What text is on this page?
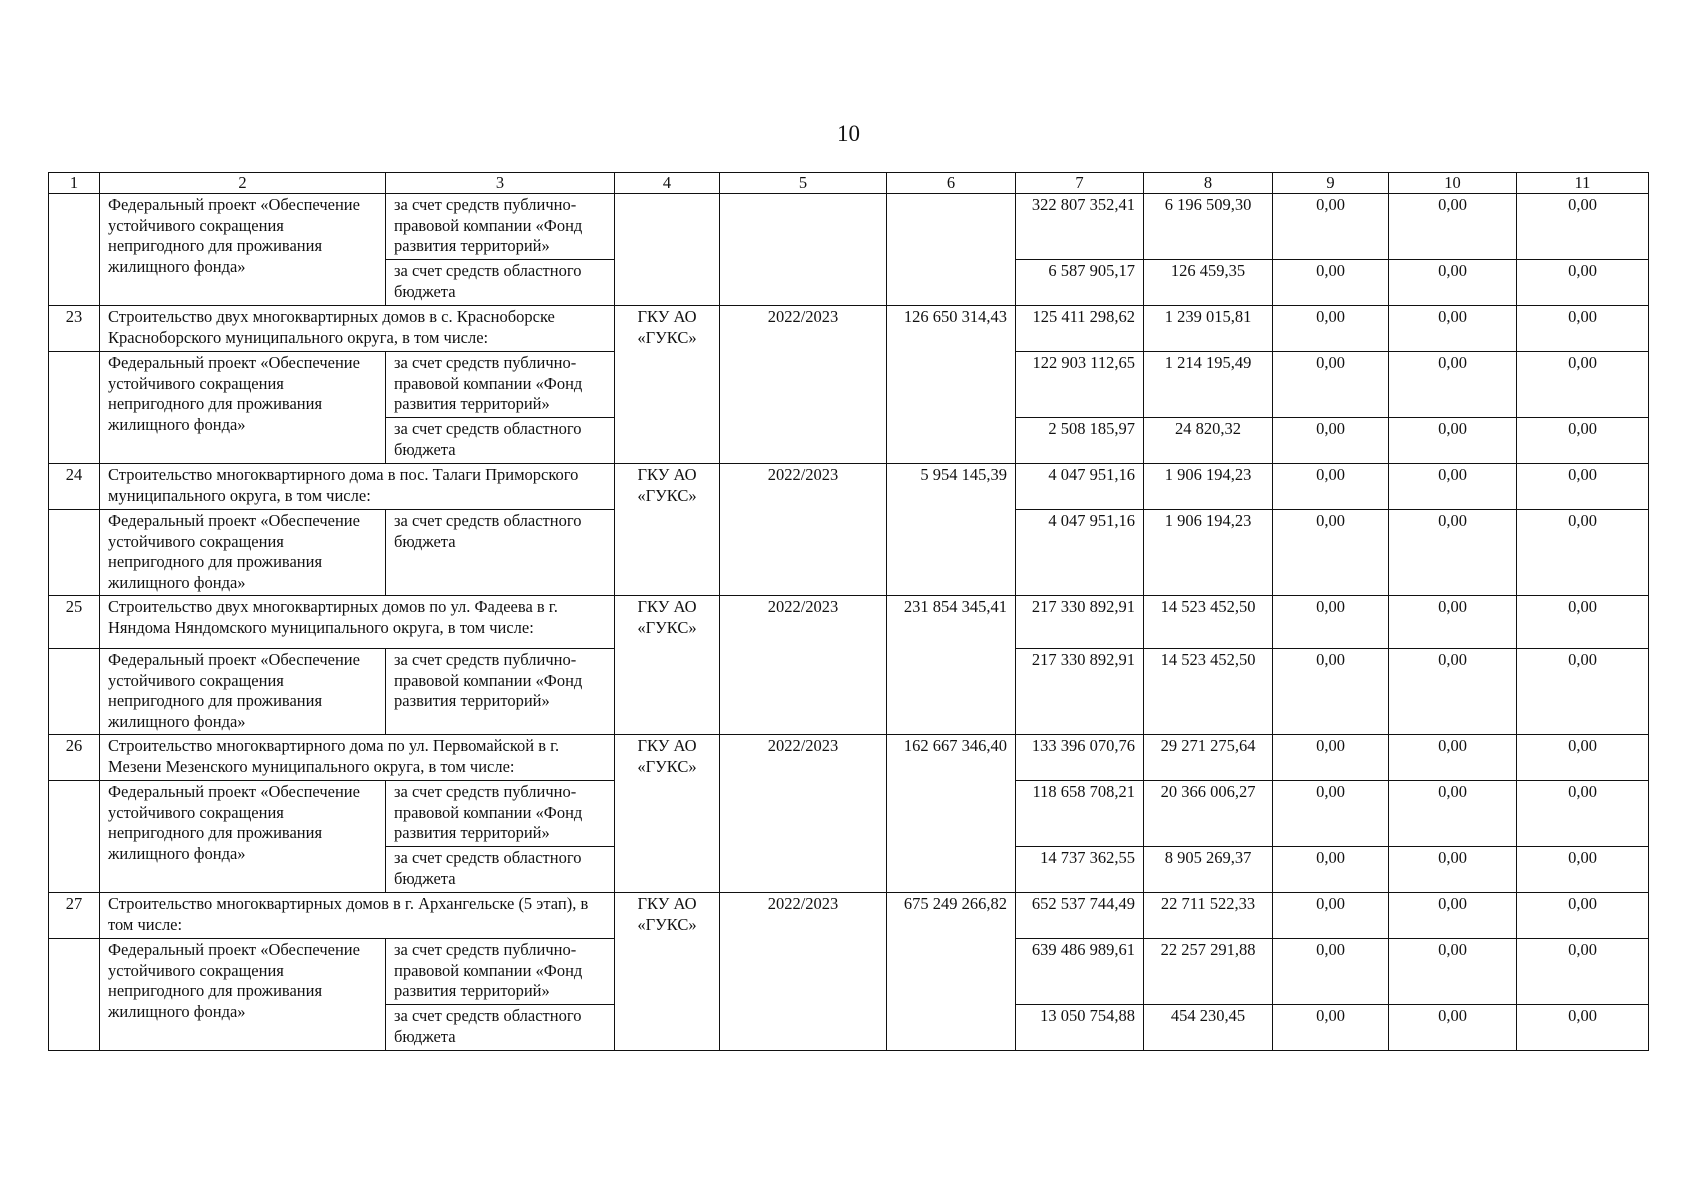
10
1	2	3	4	5	6	7	8	9	10	11
	Федеральный проект «Обеспечение устойчивого сокращения непригодного для проживания жилищного фонда»	за счет средств публично-правовой компании «Фонд развития территорий»				322 807 352,41	6 196 509,30	0,00	0,00	0,00
		за счет средств областного бюджета				6 587 905,17	126 459,35	0,00	0,00	0,00
23	Строительство двух многоквартирных домов в с. Красноборске Красноборского муниципального округа, в том числе:		ГКУ АО «ГУКС»	2022/2023	126 650 314,43	125 411 298,62	1 239 015,81	0,00	0,00	0,00
	Федеральный проект «Обеспечение устойчивого сокращения непригодного для проживания жилищного фонда»	за счет средств публично-правовой компании «Фонд развития территорий»				122 903 112,65	1 214 195,49	0,00	0,00	0,00
		за счет средств областного бюджета				2 508 185,97	24 820,32	0,00	0,00	0,00
24	Строительство многоквартирного дома в пос. Талаги Приморского муниципального округа, в том числе:		ГКУ АО «ГУКС»	2022/2023	5 954 145,39	4 047 951,16	1 906 194,23	0,00	0,00	0,00
	Федеральный проект «Обеспечение устойчивого сокращения непригодного для проживания жилищного фонда»	за счет средств областного бюджета				4 047 951,16	1 906 194,23	0,00	0,00	0,00
25	Строительство двух многоквартирных домов по ул. Фадеева в г. Няндома Няндомского муниципального округа, в том числе:		ГКУ АО «ГУКС»	2022/2023	231 854 345,41	217 330 892,91	14 523 452,50	0,00	0,00	0,00
	Федеральный проект «Обеспечение устойчивого сокращения непригодного для проживания жилищного фонда»	за счет средств публично-правовой компании «Фонд развития территорий»				217 330 892,91	14 523 452,50	0,00	0,00	0,00
26	Строительство многоквартирного дома по ул. Первомайской в г. Мезени Мезенского муниципального округа, в том числе:		ГКУ АО «ГУКС»	2022/2023	162 667 346,40	133 396 070,76	29 271 275,64	0,00	0,00	0,00
	Федеральный проект «Обеспечение устойчивого сокращения непригодного для проживания жилищного фонда»	за счет средств публично-правовой компании «Фонд развития территорий»				118 658 708,21	20 366 006,27	0,00	0,00	0,00
		за счет средств областного бюджета				14 737 362,55	8 905 269,37	0,00	0,00	0,00
27	Строительство многоквартирных домов в г. Архангельске (5 этап), в том числе:		ГКУ АО «ГУКС»	2022/2023	675 249 266,82	652 537 744,49	22 711 522,33	0,00	0,00	0,00
	Федеральный проект «Обеспечение устойчивого сокращения непригодного для проживания жилищного фонда»	за счет средств публично-правовой компании «Фонд развития территорий»				639 486 989,61	22 257 291,88	0,00	0,00	0,00
		за счет средств областного бюджета				13 050 754,88	454 230,45	0,00	0,00	0,00
